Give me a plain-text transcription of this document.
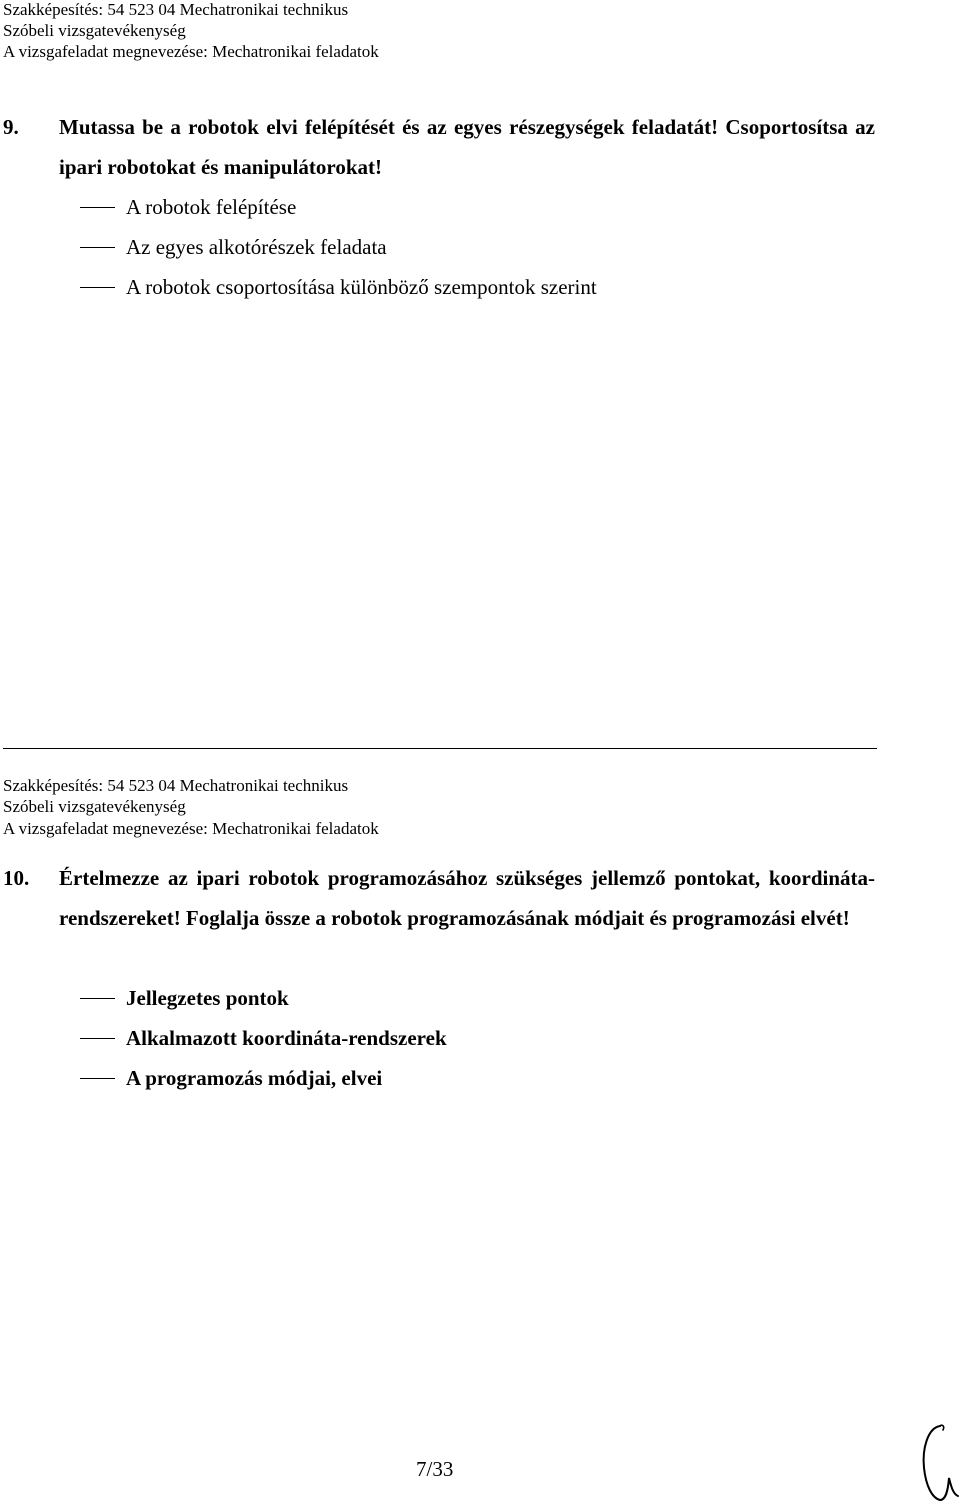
Szakképesítés: 54 523 04 Mechatronikai technikus
Szóbeli vizsgatevékenység
A vizsgafeladat megnevezése: Mechatronikai feladatok
9. Mutassa be a robotok elvi felépítését és az egyes részegységek feladatát! Csoportosítsa az ipari robotokat és manipulátorokat!
A robotok felépítése
Az egyes alkotórészek feladata
A robotok csoportosítása különböző szempontok szerint
Szakképesítés: 54 523 04 Mechatronikai technikus
Szóbeli vizsgatevékenység
A vizsgafeladat megnevezése: Mechatronikai feladatok
10. Értelmezze az ipari robotok programozásához szükséges jellemző pontokat, koordináta-rendszereket! Foglalja össze a robotok programozásának módjait és programozási elvét!
Jellegzetes pontok
Alkalmazott koordináta-rendszerek
A programozás módjai, elvei
7/33
